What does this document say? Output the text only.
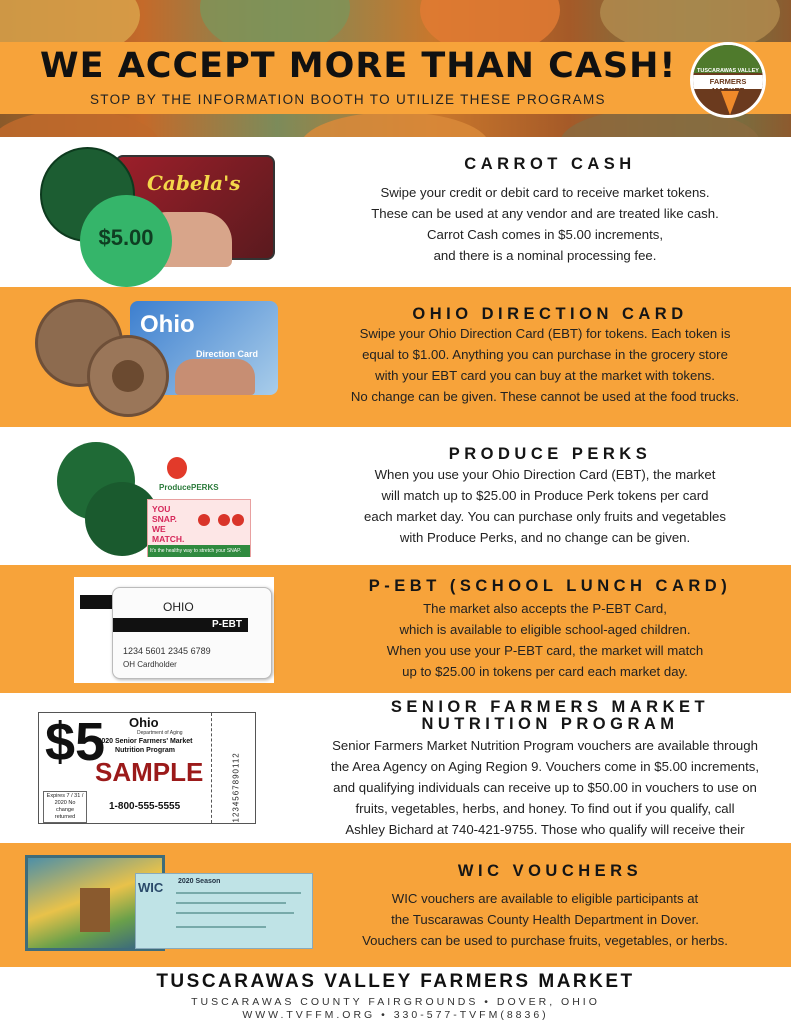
WE ACCEPT MORE THAN CASH!
STOP BY THE INFORMATION BOOTH TO UTILIZE THESE PROGRAMS
TUSCARAWAS VALLEY
FARMERS MARKET
Cabela's
$5.00
CARROT CASH
Swipe your credit or debit card to receive market tokens.
These can be used at any vendor and are treated like cash.
Carrot Cash comes in $5.00 increments,
and there is a nominal processing fee.
Ohio
Direction Card
OHIO DIRECTION CARD
Swipe your Ohio Direction Card (EBT) for tokens. Each token is
equal to $1.00. Anything you can purchase in the grocery store
with your EBT card you can buy at the market with tokens.
No change can be given. These cannot be used at the food trucks.
ProducePERKS
YOU SNAP. WE MATCH.
It's the healthy way to stretch your SNAP.
PRODUCE PERKS
When you use your Ohio Direction Card (EBT), the market
will match up to $25.00 in Produce Perk tokens per card
each market day. You can purchase only fruits and vegetables
with Produce Perks, and no change can be given.
OHIO
P-EBT
1234 5601 2345 6789
OH Cardholder
P-EBT (SCHOOL LUNCH CARD)
The market also accepts the P-EBT Card,
which is available to eligible school-aged children.
When you use your P-EBT card, the market will match
up to $25.00 in tokens per card each market day.
$5 Ohio
Department of Aging
2020 Senior Farmers' Market Nutrition Program
SAMPLE
1-800-555-5555
Expires 7 / 31 / 2020 No change returned	1234567890112
SENIOR FARMERS MARKET
NUTRITION PROGRAM
Senior Farmers Market Nutrition Program vouchers are available through
the Area Agency on Aging Region 9. Vouchers come in $5.00 increments,
and qualifying individuals can receive up to $50.00 in vouchers to use on
fruits, vegetables, herbs, and honey. To find out if you qualify, call
Ashley Bichard at 740-421-9755. Those who qualify will receive their
2020 Season
WIC
WIC VOUCHERS
WIC vouchers are available to eligible participants at
the Tuscarawas County Health Department in Dover.
Vouchers can be used to purchase fruits, vegetables, or herbs.
TUSCARAWAS VALLEY FARMERS MARKET
TUSCARAWAS COUNTY FAIRGROUNDS • DOVER, OHIO
WWW.TVFFM.ORG • 330-577-TVFM(8836)
